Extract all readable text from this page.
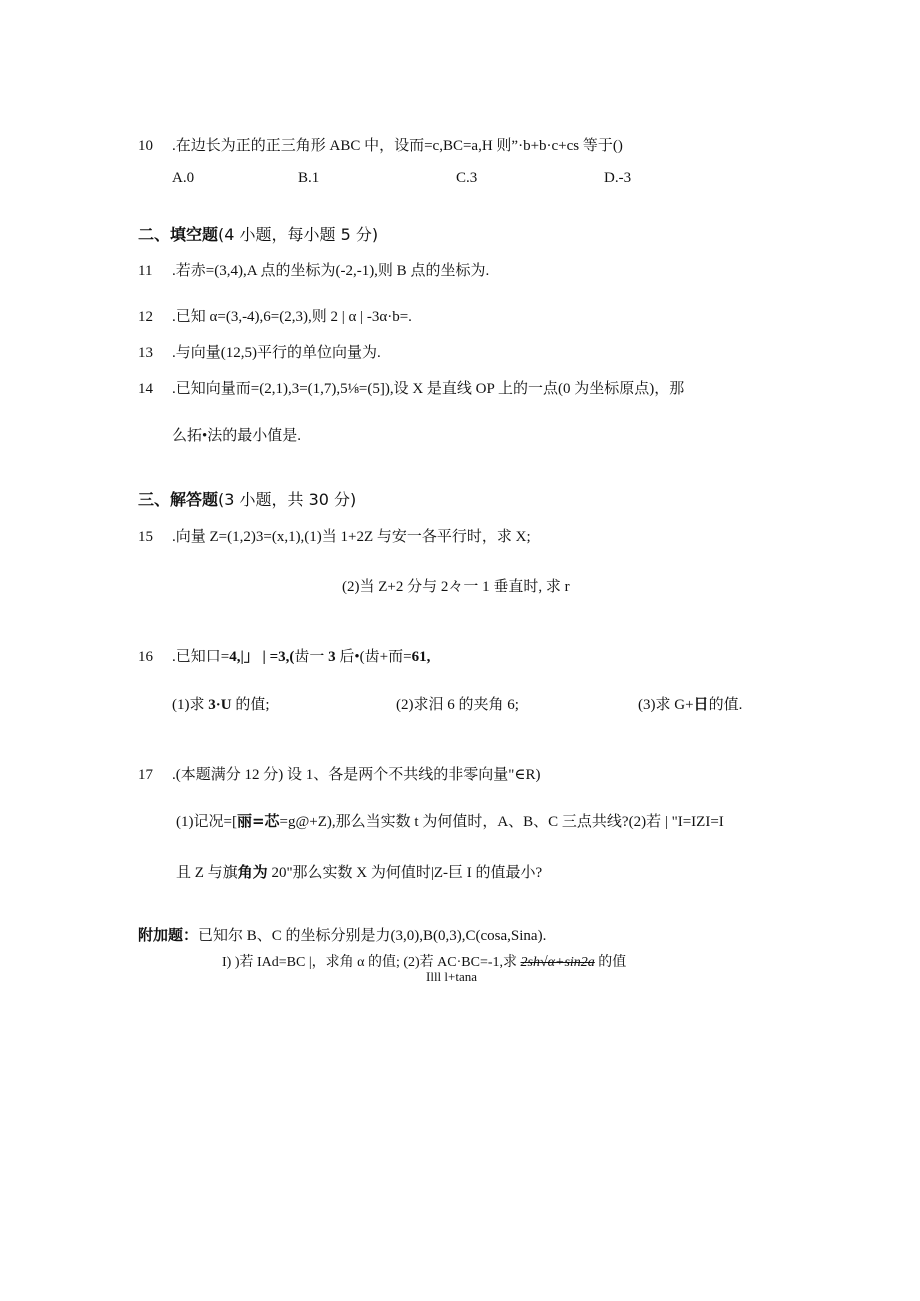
10 .在边长为正的正三角形 ABC 中，设而=c,BC=a,H 则”·b+b·c+cs 等于()
A.0	B.1	C.3	D.-3
二、填空题(4 小题，每小题 5 分)
11 .若赤=(3,4),A 点的坐标为(-2,-1),则 B 点的坐标为.
12 .已知 α=(3,-4),6=(2,3),则 2 | α | -3α·b=.
13 .与向量(12,5)平行的单位向量为.
14 .已知向量而=(2,1),3=(1,7),5⅛=(5]),设 X 是直线 OP 上的一点(0 为坐标原点)，那
么拓•法的最小值是.
三、解答题(3 小题，共 30 分)
15 .向量 Z=(1,2)3=(x,1),(1)当 1+2Z 与安一各平行时，求 X;
(2)当 Z+2 分与 2々一 1 垂直时, 求 r
16 .已知口=4,|」 | =3,(齿一 3 后•(齿+而=61,
(1)求 3·U 的值;	(2)求汨 6 的夹角 6;	(3)求 G+日的值.
17 .(本题满分 12 分) 设 1、各是两个不共线的非零向量"∈R)
(1)记况=[丽=芯=g@+Z),那么当实数 t 为何值时，A、B、C 三点共线?(2)若 | "I=IZI=I
且 Z 与旗角为 20"那么实数 X 为何值时|Z-巨 I 的值最小?
附加题：已知尔 B、C 的坐标分别是力(3,0),B(0,3),C(cosa,Sina).
I) )若 IAd=BC |，求角 α 的值; (2)若 AC·BC=-1,求 2sh√α+sin2a 的值
Illl l+tana
